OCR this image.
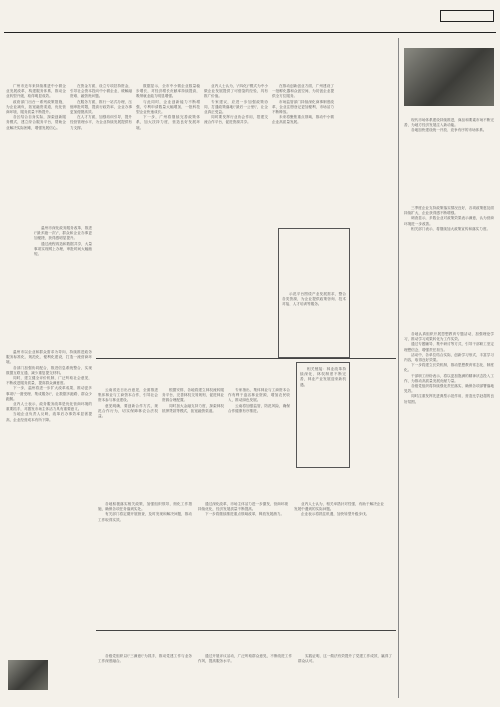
广州市近年来持续推进中小微企业发展改革，构建服务体系，推动企业转型升级，取得明显成效。

政府部门出台一系列政策措施，为企业减负，拓宽融资渠道，优化营商环境，服务质量不断提升。

各区结合自身实际，探索创新服务模式，建立综合服务平台，帮助企业解决实际困难，增强发展信心。

在资金方面，设立专项扶持资金，引导社会资本投向中小微企业，缓解融资难、融资贵问题。

在服务方面，推行一站式办理，压缩审批时限，提高行政效率，企业办事更加便捷高效。

在人才方面，加强培训引导，提升经营管理水平，为企业持续发展提供有力支撑。

数据显示，全市中小微企业数量稳步增长，对经济增长贡献率持续提高，吸纳就业能力明显增强。

与此同时，企业创新能力不断增强，专利申请数量大幅增加，一批科技型企业快速成长。

下一步，广州将继续完善政策体系，加大扶持力度，营造良好发展环境。

业内人士认为，\"四化\"模式为中小微企业发展提供了可借鉴的经验，具有推广价值。

专家建议，应进一步加强政策协同，打通政策落地\"最后一公里\"，让企业真正受益。

同时要发挥行业协会作用，搭建交流合作平台，促进资源共享。

在推动创新创业方面，广州建设了一批孵化器和众创空间，为初创企业提供全方位服务。

市场监管部门持续深化商事制度改革，企业注册登记更加便利，市场活力不断释放。

未来将聚焦重点领域，推动中小微企业高质量发展。

温州市深化政务服务改革，推进\"最多跑一次\"，群众和企业办事更加便捷，获得感明显提升。

通过流程再造和数据共享，大量事项实现网上办理，审批时间大幅缩短。

温州市以企业和群众需求为导向，持续推进政务服务标准化、规范化、便利化建设，打造一流营商环境。

各部门加强协同配合，推进信息系统整合，实现数据互联互通，减少重复提交材料。

同时，建立健全评价机制，广泛听取社会意见，不断改进服务质量，提高群众满意度。

下一步，温州将进一步扩大改革成果，推动更多事项\"一窗受理、集成服务\"，让数据多跑路、群众少跑腿。

业内人士表示，政务服务改革是优化营商环境的重要抓手，对激发市场主体活力具有重要意义。

当地企业负责人反映，改革后办事效率显著提高，企业经营成本有所下降。

示范平台围绕产业发展需求，整合各类资源，为企业提供政策咨询、技术对接、人才培训等服务。

云南省近日出台意见，全面推进集体林业与工商资本合作，引导社会资本参与林业建设。

意见明确，要创新合作方式，规范合作行为，切实保障林农合法权益。

根据安排，各地将建立林权流转服务平台，完善林权交易规则，促进林业资源合理配置。

同时加大金融支持力度，探索林权抵押贷款等模式，拓宽融资渠道。

专家指出，集体林业与工商资本合作有利于盘活林业资源，增加农民收入，推动绿色发展。

云南将加强监管，防范风险，确保合作健康有序推进。

相关链接：林业改革持续深化，林权制度不断完善，林业产业发展迎来新机遇。

各地积极落实相关政策，加强组织领导，细化工作措施，确保各项任务落到实处。

有关部门将定期开展督查，及时发现和解决问题，推动工作取得实效。

通过深化改革，市场主体活力进一步激发，营商环境持续优化，经济发展质量不断提高。

下一步将继续推进重点领域改革，释放发展潜力。

业内人士认为，相关举措针对性强，有助于解决企业发展中遇到的实际问题。

企业表示将抓住机遇，加快转型升级步伐。

各级党组织以\"三满意\"为抓手，推动党建工作与业务工作深度融合。

通过开展评议活动，广泛听取群众意见，不断改进工作作风，提高服务水平。

实践证明，这一做法有效提升了党建工作成效，赢得了群众认可。

现代市场体系建设持续推进，商品和要素市场不断完善，为地方经济发展注入新动能。

各地加快建设统一开放、竞争有序的市场体系。

三季度企业支持政策落实情况良好，各项政策惠及面持续扩大，企业获得感不断增强。

调查显示，多数企业对政策效果表示满意，认为营商环境进一步改善。

相关部门表示，将继续加大政策宣传和落实力度。

各地认真组织开展思想教育专题活动，加强理论学习，推动学习成果转化为工作实效。

通过专题辅导、集中研讨等方式，引导干部职工坚定理想信念，增强责任担当。

活动中，各单位结合实际，创新学习形式，丰富学习内容，取得良好效果。

下一步将建立长效机制，推动思想教育常态化、制度化。

干部职工纷纷表示，将以更加饱满的精神状态投入工作，为推动高质量发展贡献力量。

各级党组织将持续强化责任落实，确保各项部署落地见效。

同时注重发挥先进典型示范作用，营造比学赶超的良好氛围。
